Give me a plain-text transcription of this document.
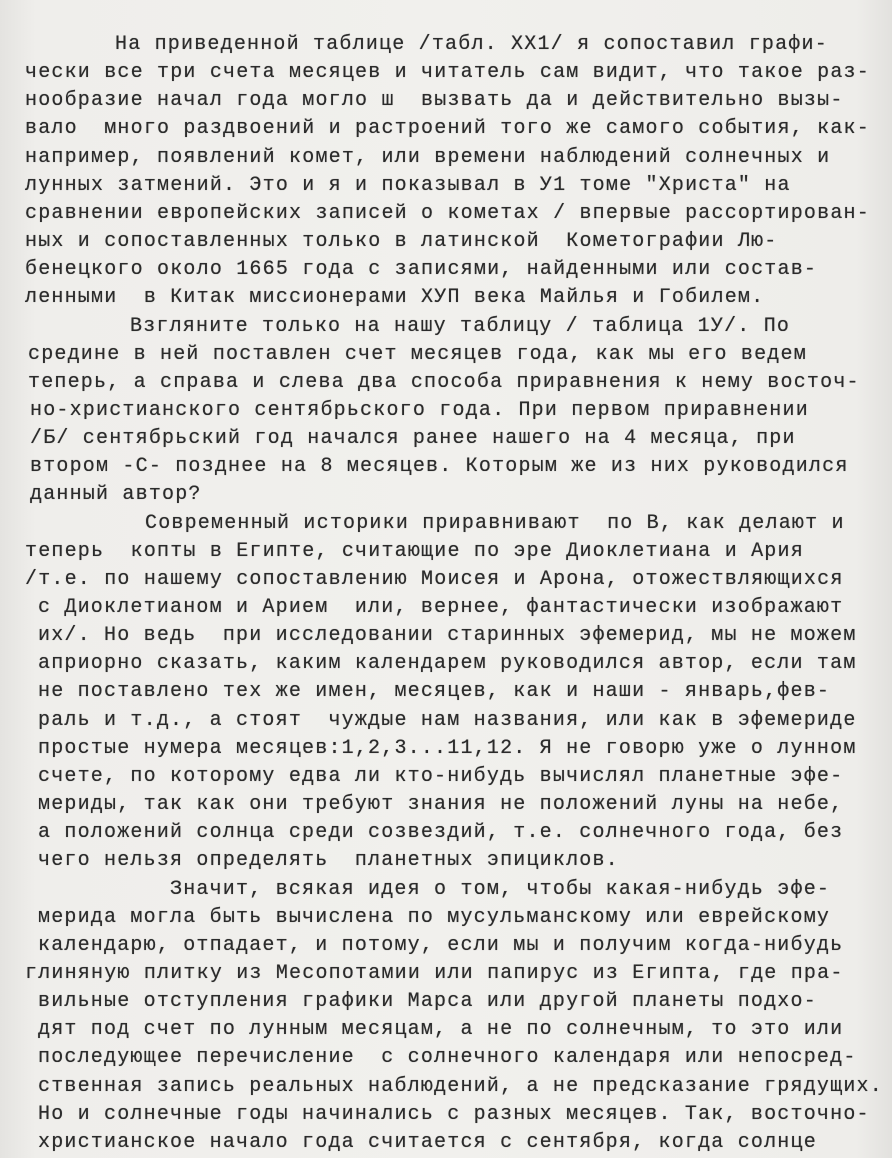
На приведенной таблице /табл. XX1/ я сопоставил графи-
чески все три счета месяцев и читатель сам видит, что такое раз-
нообразие начал года могло ш  вызвать да и действительно вызы-
вало  много раздвоений и растроений того же самого события, как-
например, появлений комет, или времени наблюдений солнечных и
лунных затмений. Это и я и показывал в У1 томе "Христа" на
сравнении европейских записей о кометах / впервые рассортирован-
ных и сопоставленных только в латинской  Кометографии Лю-
бенецкого около 1665 года с записями, найденными или состав-
ленными  в Китак миссионерами ХУП века Майлья и Гобилем.
Взгляните только на нашу таблицу / таблица 1У/. По
средине в ней поставлен счет месяцев года, как мы его ведем
теперь, а справа и слева два способа приравнения к нему восточ-
но-христианского сентябрьского года. При первом приравнении
/Б/ сентябрьский год начался ранее нашего на 4 месяца, при
втором -С- позднее на 8 месяцев. Которым же из них руководился
данный автор?
Современный историки приравнивают  по В, как делают и
теперь  копты в Египте, считающие по эре Диоклетиана и Ария
/т.е. по нашему сопоставлению Моисея и Арона, отожествляющихся
с Диоклетианом и Арием  или, вернее, фантастически изображают
их/. Но ведь  при исследовании старинных эфемерид, мы не можем
априорно сказать, каким календарем руководился автор, если там
не поставлено тех же имен, месяцев, как и наши - январь,фев-
раль и т.д., а стоят  чуждые нам названия, или как в эфемериде
простые нумера месяцев:1,2,3...11,12. Я не говорю уже о лунном
счете, по которому едва ли кто-нибудь вычислял планетные эфе-
мериды, так как они требуют знания не положений луны на небе,
а положений солнца среди созвездий, т.е. солнечного года, без
чего нельзя определять  планетных эпициклов.
Значит, всякая идея о том, чтобы какая-нибудь эфе-
мерида могла быть вычислена по мусульманскому или еврейскому
календарю, отпадает, и потому, если мы и получим когда-нибудь
глиняную плитку из Месопотамии или папирус из Египта, где пра-
вильные отступления графики Марса или другой планеты подхо-
дят под счет по лунным месяцам, а не по солнечным, то это или
последующее перечисление  с солнечного календаря или непосред-
ственная запись реальных наблюдений, а не предсказание грядущих.
Но и солнечные годы начинались с разных месяцев. Так, восточно-
христианское начало года считается с сентября, когда солнце
